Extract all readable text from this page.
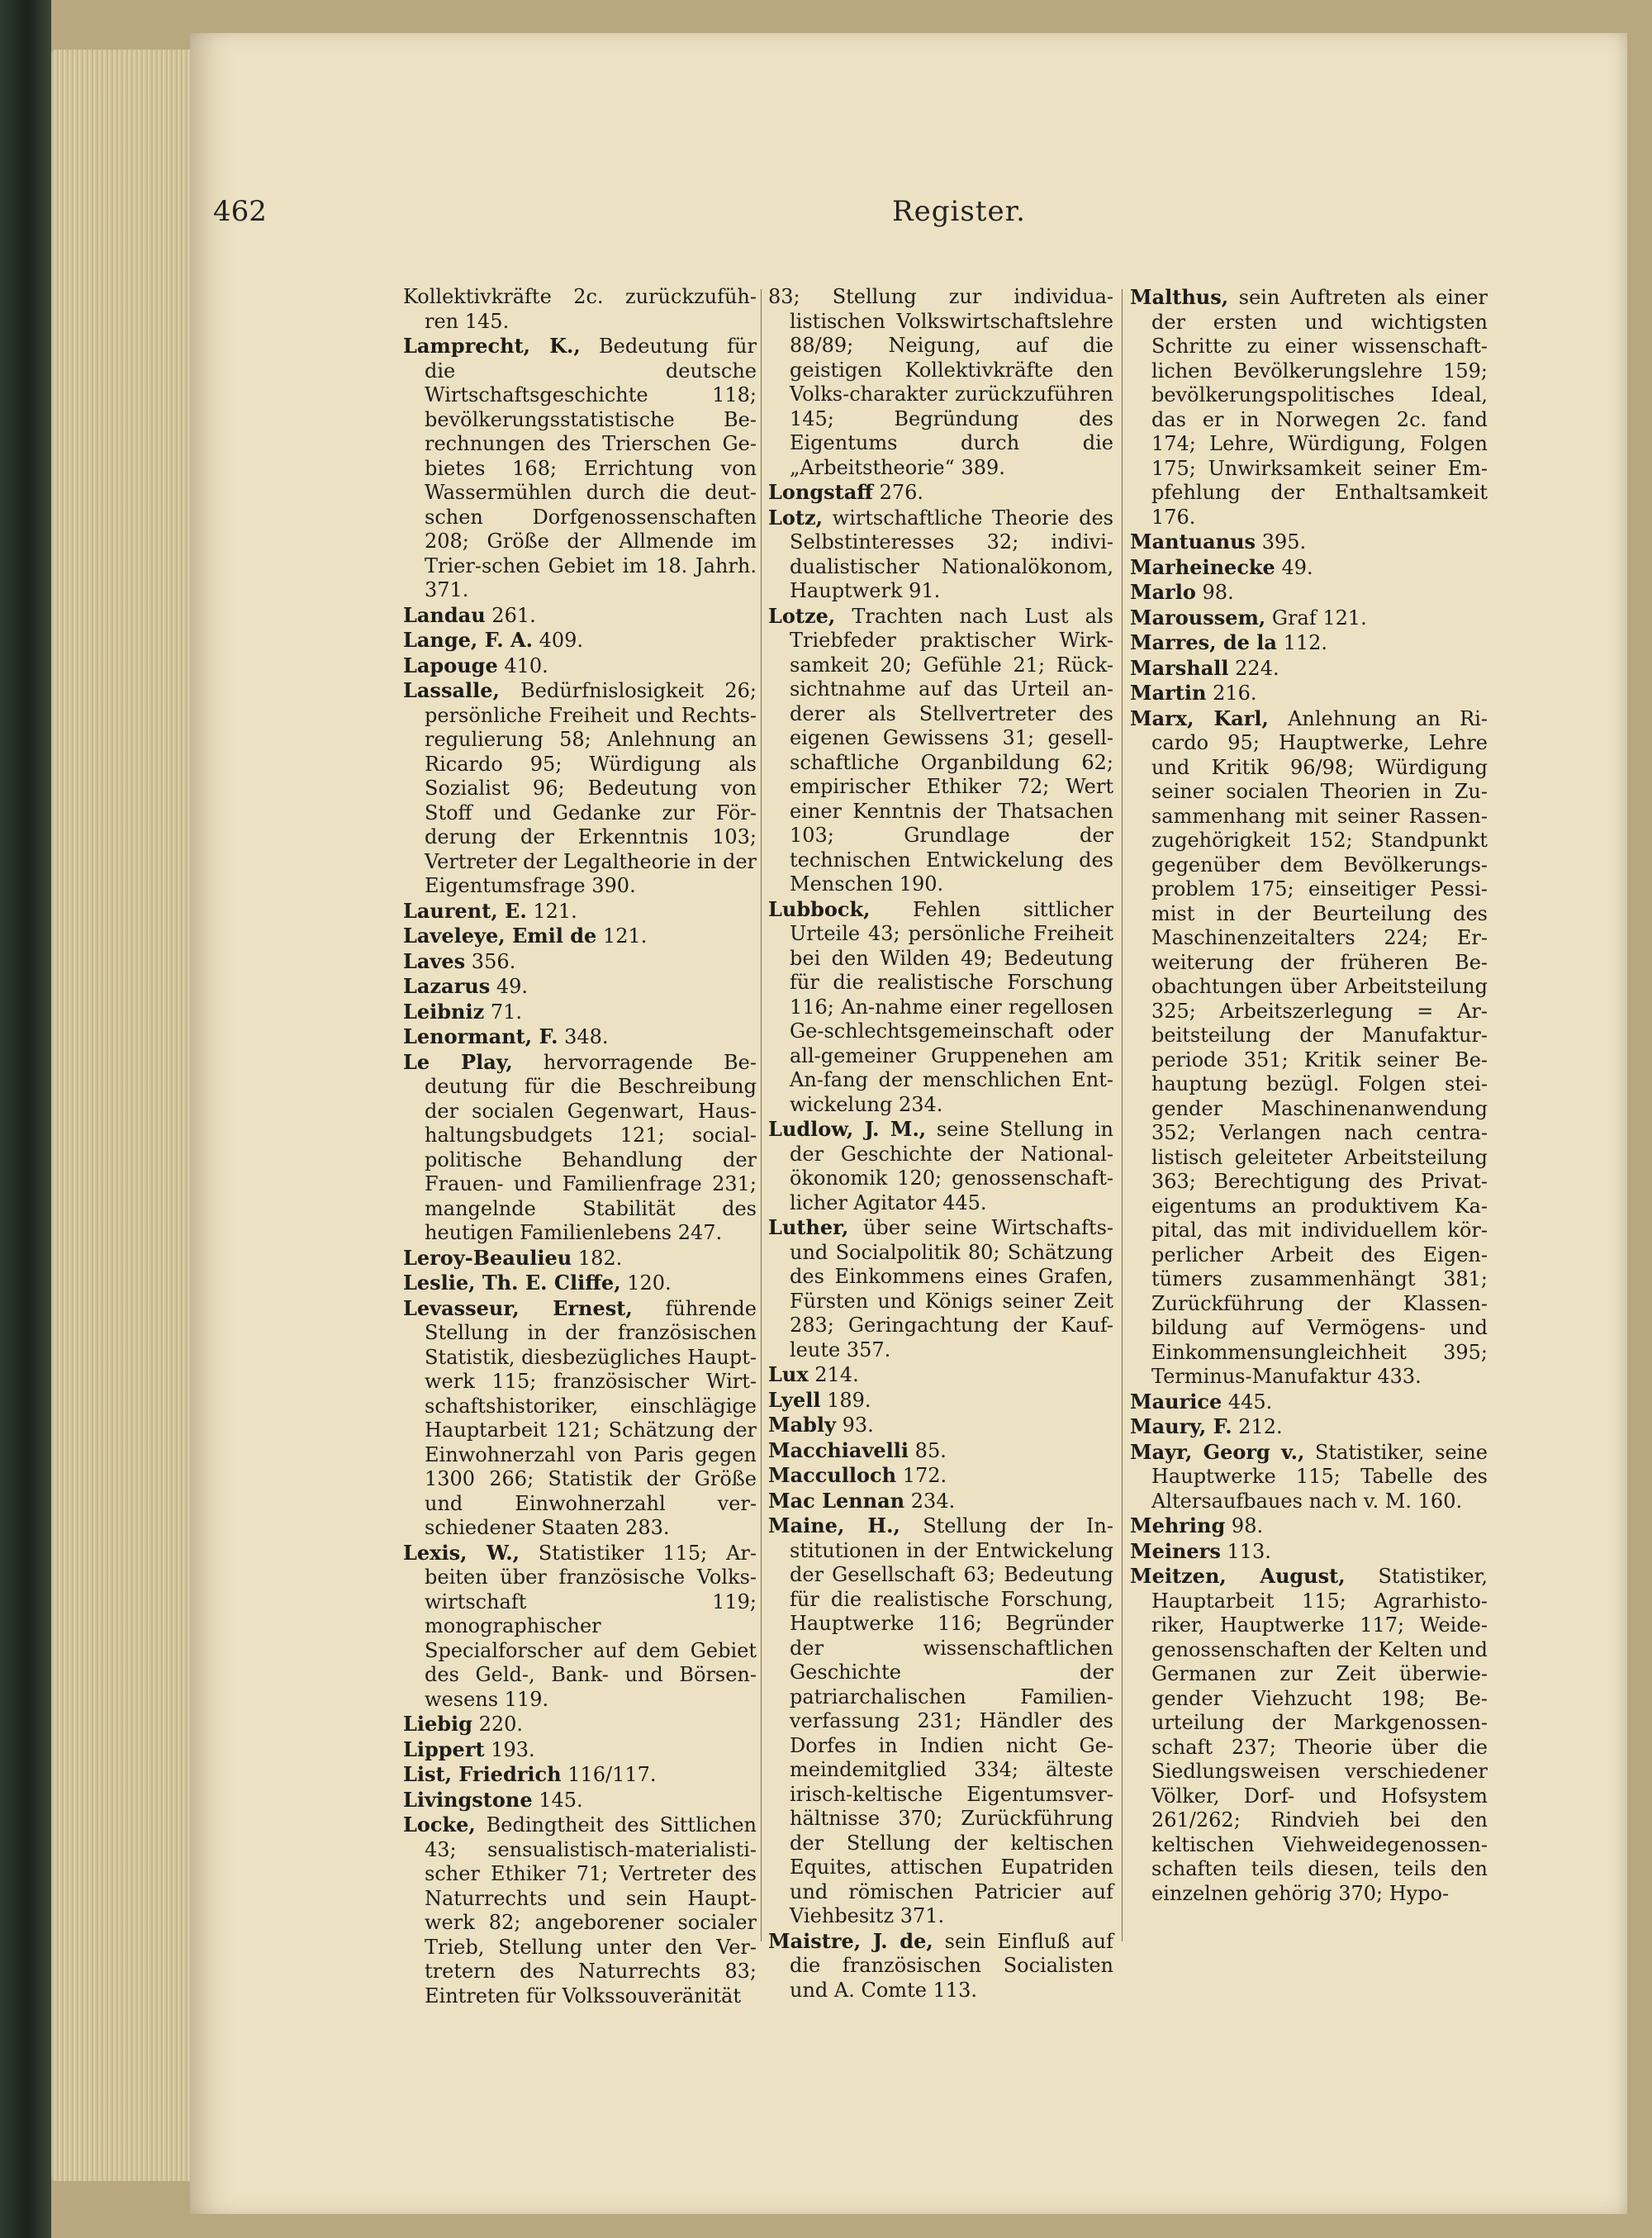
462	Register.

Kollektivkräfte 2c. zurückzufüh-ren 145.

Lamprecht, K., Bedeutung für die deutsche Wirtschaftsgeschichte 118; bevölkerungsstatistische Be-rechnungen des Trierschen Ge-bietes 168; Errichtung von Wassermühlen durch die deut-schen Dorfgenossenschaften 208; Größe der Allmende im Trier-schen Gebiet im 18. Jahrh. 371.

Landau 261.

Lange, F. A. 409.

Lapouge 410.

Lassalle, Bedürfnislosigkeit 26; persönliche Freiheit und Rechts-regulierung 58; Anlehnung an Ricardo 95; Würdigung als Sozialist 96; Bedeutung von Stoff und Gedanke zur För-derung der Erkenntnis 103; Vertreter der Legaltheorie in der Eigentumsfrage 390.

Laurent, E. 121.

Laveleye, Emil de 121.

Laves 356.

Lazarus 49.

Leibniz 71.

Lenormant, F. 348.

Le Play, hervorragende Be-deutung für die Beschreibung der socialen Gegenwart, Haus-haltungsbudgets 121; social-politische Behandlung der Frauen- und Familienfrage 231; mangelnde Stabilität des heutigen Familienlebens 247.

Leroy-Beaulieu 182.

Leslie, Th. E. Cliffe, 120.

Levasseur, Ernest, führende Stellung in der französischen Statistik, diesbezügliches Haupt-werk 115; französischer Wirt-schaftshistoriker, einschlägige Hauptarbeit 121; Schätzung der Einwohnerzahl von Paris gegen 1300 266; Statistik der Größe und Einwohnerzahl ver-schiedener Staaten 283.

Lexis, W., Statistiker 115; Ar-beiten über französische Volks-wirtschaft 119; monographischer Specialforscher auf dem Gebiet des Geld-, Bank- und Börsen-wesens 119.

Liebig 220.

Lippert 193.

List, Friedrich 116/117.

Livingstone 145.

Locke, Bedingtheit des Sittlichen 43; sensualistisch-materialisti-scher Ethiker 71; Vertreter des Naturrechts und sein Haupt-werk 82; angeborener socialer Trieb, Stellung unter den Ver-tretern des Naturrechts 83; Eintreten für Volkssouveränität

83; Stellung zur individua-listischen Volkswirtschaftslehre 88/89; Neigung, auf die geistigen Kollektivkräfte den Volks-charakter zurückzuführen 145; Begründung des Eigentums durch die „Arbeitstheorie“ 389.

Longstaff 276.

Lotz, wirtschaftliche Theorie des Selbstinteresses 32; indivi-dualistischer Nationalökonom, Hauptwerk 91.

Lotze, Trachten nach Lust als Triebfeder praktischer Wirk-samkeit 20; Gefühle 21; Rück-sichtnahme auf das Urteil an-derer als Stellvertreter des eigenen Gewissens 31; gesell-schaftliche Organbildung 62; empirischer Ethiker 72; Wert einer Kenntnis der Thatsachen 103; Grundlage der technischen Entwickelung des Menschen 190.

Lubbock, Fehlen sittlicher Urteile 43; persönliche Freiheit bei den Wilden 49; Bedeutung für die realistische Forschung 116; An-nahme einer regellosen Ge-schlechtsgemeinschaft oder all-gemeiner Gruppenehen am An-fang der menschlichen Ent-wickelung 234.

Ludlow, J. M., seine Stellung in der Geschichte der National-ökonomik 120; genossenschaft-licher Agitator 445.

Luther, über seine Wirtschafts- und Socialpolitik 80; Schätzung des Einkommens eines Grafen, Fürsten und Königs seiner Zeit 283; Geringachtung der Kauf-leute 357.

Lux 214.

Lyell 189.

Mably 93.

Macchiavelli 85.

Macculloch 172.

Mac Lennan 234.

Maine, H., Stellung der In-stitutionen in der Entwickelung der Gesellschaft 63; Bedeutung für die realistische Forschung, Hauptwerke 116; Begründer der wissenschaftlichen Geschichte der patriarchalischen Familien-verfassung 231; Händler des Dorfes in Indien nicht Ge-meindemitglied 334; älteste irisch-keltische Eigentumsver-hältnisse 370; Zurückführung der Stellung der keltischen Equites, attischen Eupatriden und römischen Patricier auf Viehbesitz 371.

Maistre, J. de, sein Einfluß auf die französischen Socialisten und A. Comte 113.

Malthus, sein Auftreten als einer der ersten und wichtigsten Schritte zu einer wissenschaft-lichen Bevölkerungslehre 159; bevölkerungspolitisches Ideal, das er in Norwegen 2c. fand 174; Lehre, Würdigung, Folgen 175; Unwirksamkeit seiner Em-pfehlung der Enthaltsamkeit 176.

Mantuanus 395.

Marheinecke 49.

Marlo 98.

Maroussem, Graf 121.

Marres, de la 112.

Marshall 224.

Martin 216.

Marx, Karl, Anlehnung an Ri-cardo 95; Hauptwerke, Lehre und Kritik 96/98; Würdigung seiner socialen Theorien in Zu-sammenhang mit seiner Rassen-zugehörigkeit 152; Standpunkt gegenüber dem Bevölkerungs-problem 175; einseitiger Pessi-mist in der Beurteilung des Maschinenzeitalters 224; Er-weiterung der früheren Be-obachtungen über Arbeitsteilung 325; Arbeitszerlegung = Ar-beitsteilung der Manufaktur-periode 351; Kritik seiner Be-hauptung bezügl. Folgen stei-gender Maschinenanwendung 352; Verlangen nach centra-listisch geleiteter Arbeitsteilung 363; Berechtigung des Privat-eigentums an produktivem Ka-pital, das mit individuellem kör-perlicher Arbeit des Eigen-tümers zusammenhängt 381; Zurückführung der Klassen-bildung auf Vermögens- und Einkommensungleichheit 395; Terminus-Manufaktur 433.

Maurice 445.

Maury, F. 212.

Mayr, Georg v., Statistiker, seine Hauptwerke 115; Tabelle des Altersaufbaues nach v. M. 160.

Mehring 98.

Meiners 113.

Meitzen, August, Statistiker, Hauptarbeit 115; Agrarhisto-riker, Hauptwerke 117; Weide-genossenschaften der Kelten und Germanen zur Zeit überwie-gender Viehzucht 198; Be-urteilung der Markgenossen-schaft 237; Theorie über die Siedlungsweisen verschiedener Völker, Dorf- und Hofsystem 261/262; Rindvieh bei den keltischen Viehweidegenossen-schaften teils diesen, teils den einzelnen gehörig 370; Hypo-
